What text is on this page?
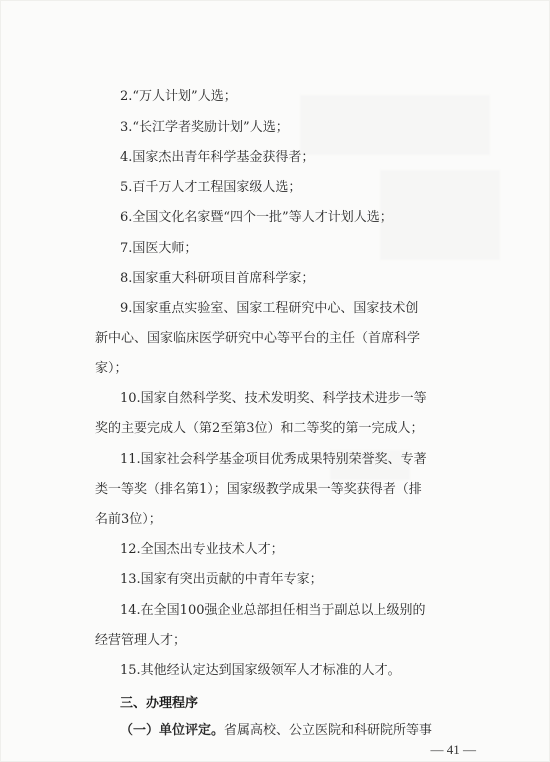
2.“万人计划”人选；
3.“长江学者奖励计划”人选；
4.国家杰出青年科学基金获得者；
5.百千万人才工程国家级人选；
6.全国文化名家暨“四个一批”等人才计划人选；
7.国医大师；
8.国家重大科研项目首席科学家；
9.国家重点实验室、国家工程研究中心、国家技术创
新中心、国家临床医学研究中心等平台的主任（首席科学
家）；
10.国家自然科学奖、技术发明奖、科学技术进步一等
奖的主要完成人（第2至第3位）和二等奖的第一完成人；
11.国家社会科学基金项目优秀成果特别荣誉奖、专著
类一等奖（排名第1）；国家级教学成果一等奖获得者（排
名前3位）；
12.全国杰出专业技术人才；
13.国家有突出贡献的中青年专家；
14.在全国100强企业总部担任相当于副总以上级别的
经营管理人才；
15.其他经认定达到国家级领军人才标准的人才。
三、办理程序
（一）单位评定。省属高校、公立医院和科研院所等事
— 41 —
